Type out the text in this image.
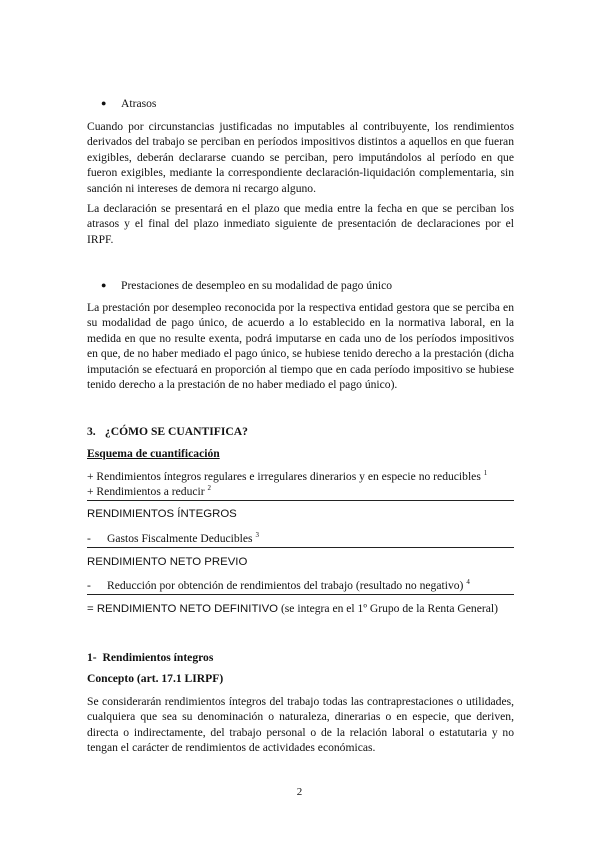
● Atrasos

Cuando por circunstancias justificadas no imputables al contribuyente, los rendimientos derivados del trabajo se perciban en períodos impositivos distintos a aquellos en que fueran exigibles, deberán declararse cuando se perciban, pero imputándolos al período en que fueron exigibles, mediante la correspondiente declaración-liquidación complementaria, sin sanción ni intereses de demora ni recargo alguno.

La declaración se presentará en el plazo que media entre la fecha en que se perciban los atrasos y el final del plazo inmediato siguiente de presentación de declaraciones por el IRPF.

● Prestaciones de desempleo en su modalidad de pago único

La prestación por desempleo reconocida por la respectiva entidad gestora que se perciba en su modalidad de pago único, de acuerdo a lo establecido en la normativa laboral, en la medida en que no resulte exenta, podrá imputarse en cada uno de los períodos impositivos en que, de no haber mediado el pago único, se hubiese tenido derecho a la prestación (dicha imputación se efectuará en proporción al tiempo que en cada período impositivo se hubiese tenido derecho a la prestación de no haber mediado el pago único).

3. ¿CÓMO SE CUANTIFICA?
Esquema de cuantificación
+ Rendimientos íntegros regulares e irregulares dinerarios y en especie no reducibles $^1$
+ Rendimientos a reducir $^2$
RENDIMIENTOS ÍNTEGROS
- Gastos Fiscalmente Deducibles $^3$
RENDIMIENTO NETO PREVIO
- Reducción por obtención de rendimientos del trabajo (resultado no negativo) $^4$
= RENDIMIENTO NETO DEFINITIVO (se integra en el 1º Grupo de la Renta General)
1- Rendimientos íntegros
Concepto (art. 17.1 LIRPF)

Se considerarán rendimientos íntegros del trabajo todas las contraprestaciones o utilidades, cualquiera que sea su denominación o naturaleza, dinerarias o en especie, que deriven, directa o indirectamente, del trabajo personal o de la relación laboral o estatutaria y no tengan el carácter de rendimientos de actividades económicas.

2
